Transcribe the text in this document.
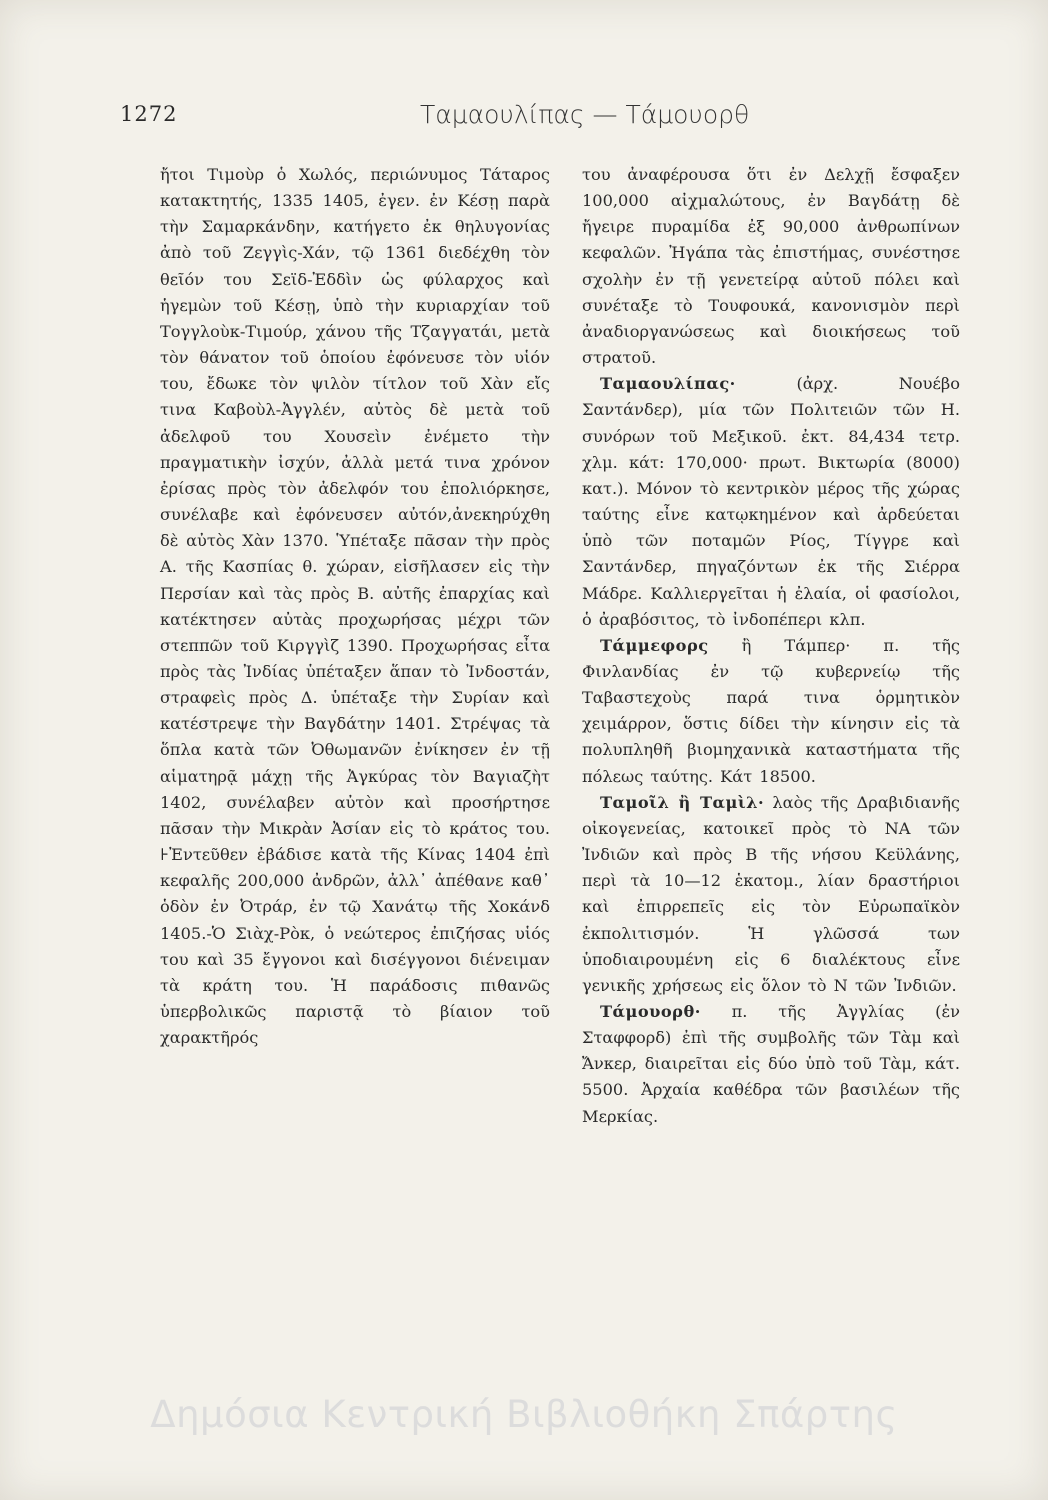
1272	Ταμαουλίπας — Τάμουορθ

ἤτοι Τιμοὺρ ὁ Χωλός, περιώνυμος Τάταρος κατακτητής, 1335 1405, ἐγεν. ἐν Κέσῃ παρὰ τὴν Σαμαρκάνδην, κατήγετο ἐκ θηλυγονίας ἀπὸ τοῦ Ζεγγὶς-Χάν, τῷ 1361 διεδέχθη τὸν θεῖόν του Σεϊδ-Ἐδδὶν ὡς φύλαρχος καὶ ἡγεμὼν τοῦ Κέσῃ, ὑπὸ τὴν κυριαρχίαν τοῦ Τογγλοὺκ-Τιμούρ, χάνου τῆς Τζαγγατάι, μετὰ τὸν θάνατον τοῦ ὁποίου ἐφόνευσε τὸν υἱόν του, ἔδωκε τὸν ψιλὸν τίτλον τοῦ Χὰν εἴς τινα Καβοὺλ-Ἀγγλέν, αὐτὸς δὲ μετὰ τοῦ ἀδελφοῦ του Χουσεὶν ἐνέμετο τὴν πραγματικὴν ἰσχύν, ἀλλὰ μετά τινα χρόνον ἐρίσας πρὸς τὸν ἀδελφόν του ἐπολιόρκησε, συνέλαβε καὶ ἐφόνευσεν αὐτόν,ἀνεκηρύχθη δὲ αὐτὸς Χὰν 1370. Ὑπέταξε πᾶσαν τὴν πρὸς Α. τῆς Κασπίας θ. χώραν, εἰσῆλασεν εἰς τὴν Περσίαν καὶ τὰς πρὸς Β. αὐτῆς ἐπαρχίας καὶ κατέκτησεν αὐτὰς προχωρήσας μέχρι τῶν στεππῶν τοῦ Κιργγὶζ 1390. Προχωρήσας εἶτα πρὸς τὰς Ἰνδίας ὑπέταξεν ἅπαν τὸ Ἰνδοστάν, στραφεὶς πρὸς Δ. ὑπέταξε τὴν Συρίαν καὶ κατέστρεψε τὴν Βαγδάτην 1401. Στρέψας τὰ ὅπλα κατὰ τῶν Ὀθωμανῶν ἐνίκησεν ἐν τῇ αἱματηρᾷ μάχῃ τῆς Ἀγκύρας τὸν Βαγιαζὴτ 1402, συνέλαβεν αὐτὸν καὶ προσήρτησε πᾶσαν τὴν Μικρὰν Ἀσίαν εἰς τὸ κράτος του. ⊦Ἐντεῦθεν ἐβάδισε κατὰ τῆς Κίνας 1404 ἐπὶ κεφαλῆς 200,000 ἀνδρῶν, ἀλλ᾽ ἀπέθανε καθ᾽ ὁδὸν ἐν Ὀτράρ, ἐν τῷ Χανάτῳ τῆς Χοκάνδ 1405.-Ὁ Σιὰχ-Ρὸκ, ὁ νεώτερος ἐπιζήσας υἱός του καὶ 35 ἔγγονοι καὶ δισέγγονοι διένειμαν τὰ κράτη του. Ἡ παράδοσις πιθανῶς ὑπερβολικῶς παριστᾷ τὸ βίαιον τοῦ χαρακτῆρός

του ἀναφέρουσα ὅτι ἐν Δελχῇ ἔσφαξεν 100,000 αἰχμαλώτους, ἐν Βαγδάτῃ δὲ ἤγειρε πυραμίδα ἐξ 90,000 ἀνθρωπίνων κεφαλῶν. Ἠγάπα τὰς ἐπιστήμας, συνέστησε σχολὴν ἐν τῇ γενετείρᾳ αὐτοῦ πόλει καὶ συνέταξε τὸ Τουφουκά, κανονισμὸν περὶ ἀναδιοργανώσεως καὶ διοικήσεως τοῦ στρατοῦ.

Ταμαουλίπας·	(ἀρχ. Νουέβο Σαντάνδερ), μία τῶν Πολιτειῶν τῶν Η. συνόρων τοῦ Μεξικοῦ. ἐκτ. 84,434 τετρ. χλμ. κάτ: 170,000· πρωτ. Βικτωρία (8000) κατ.). Μόνον τὸ κεντρικὸν μέρος τῆς χώρας ταύτης εἶνε κατῳκημένον καὶ ἀρδεύεται ὑπὸ τῶν ποταμῶν Ρίος, Τίγγρε καὶ Σαντάνδερ, πηγαζόντων ἐκ τῆς Σιέρρα Μάδρε. Καλλιεργεῖται ἡ ἐλαία, οἱ φασίολοι, ὁ ἀραβόσιτος, τὸ ἰνδοπέπερι κλπ.

Τάμμεφορς ἢ Τάμπερ· π. τῆς Φινλανδίας ἐν τῷ κυβερνείῳ τῆς Ταβαστεχοὺς παρά τινα ὁρμητικὸν χειμάρρον, ὅστις δίδει τὴν κίνησιν εἰς τὰ πολυπληθῆ βιομηχανικὰ καταστήματα τῆς πόλεως ταύτης. Κάτ 18500.

Ταμοῖλ ἢ Ταμὶλ· λαὸς τῆς Δραβιδιανῆς οἰκογενείας, κατοικεῖ πρὸς τὸ ΝΑ τῶν Ἰνδιῶν καὶ πρὸς Β τῆς νήσου Κεϋλάνης, περὶ τὰ 10—12 ἑκατομ., λίαν δραστήριοι καὶ ἐπιρρεπεῖς εἰς τὸν Εὐρωπαϊκὸν ἐκπολιτισμόν. Ἡ γλῶσσά των ὑποδιαιρουμένη εἰς 6 διαλέκτους εἶνε γενικῆς χρήσεως εἰς ὅλον τὸ Ν τῶν Ἰνδιῶν.

Τάμουορθ· π. τῆς Ἀγγλίας (ἐν Σταφφορδ) ἐπὶ τῆς συμβολῆς τῶν Τὰμ καὶ Ἄνκερ, διαιρεῖται εἰς δύο ὑπὸ τοῦ Τὰμ, κάτ. 5500. Ἀρχαία καθέδρα τῶν βασιλέων τῆς Μερκίας.

Δημόσια Κεντρική Βιβλιοθήκη Σπάρτης
